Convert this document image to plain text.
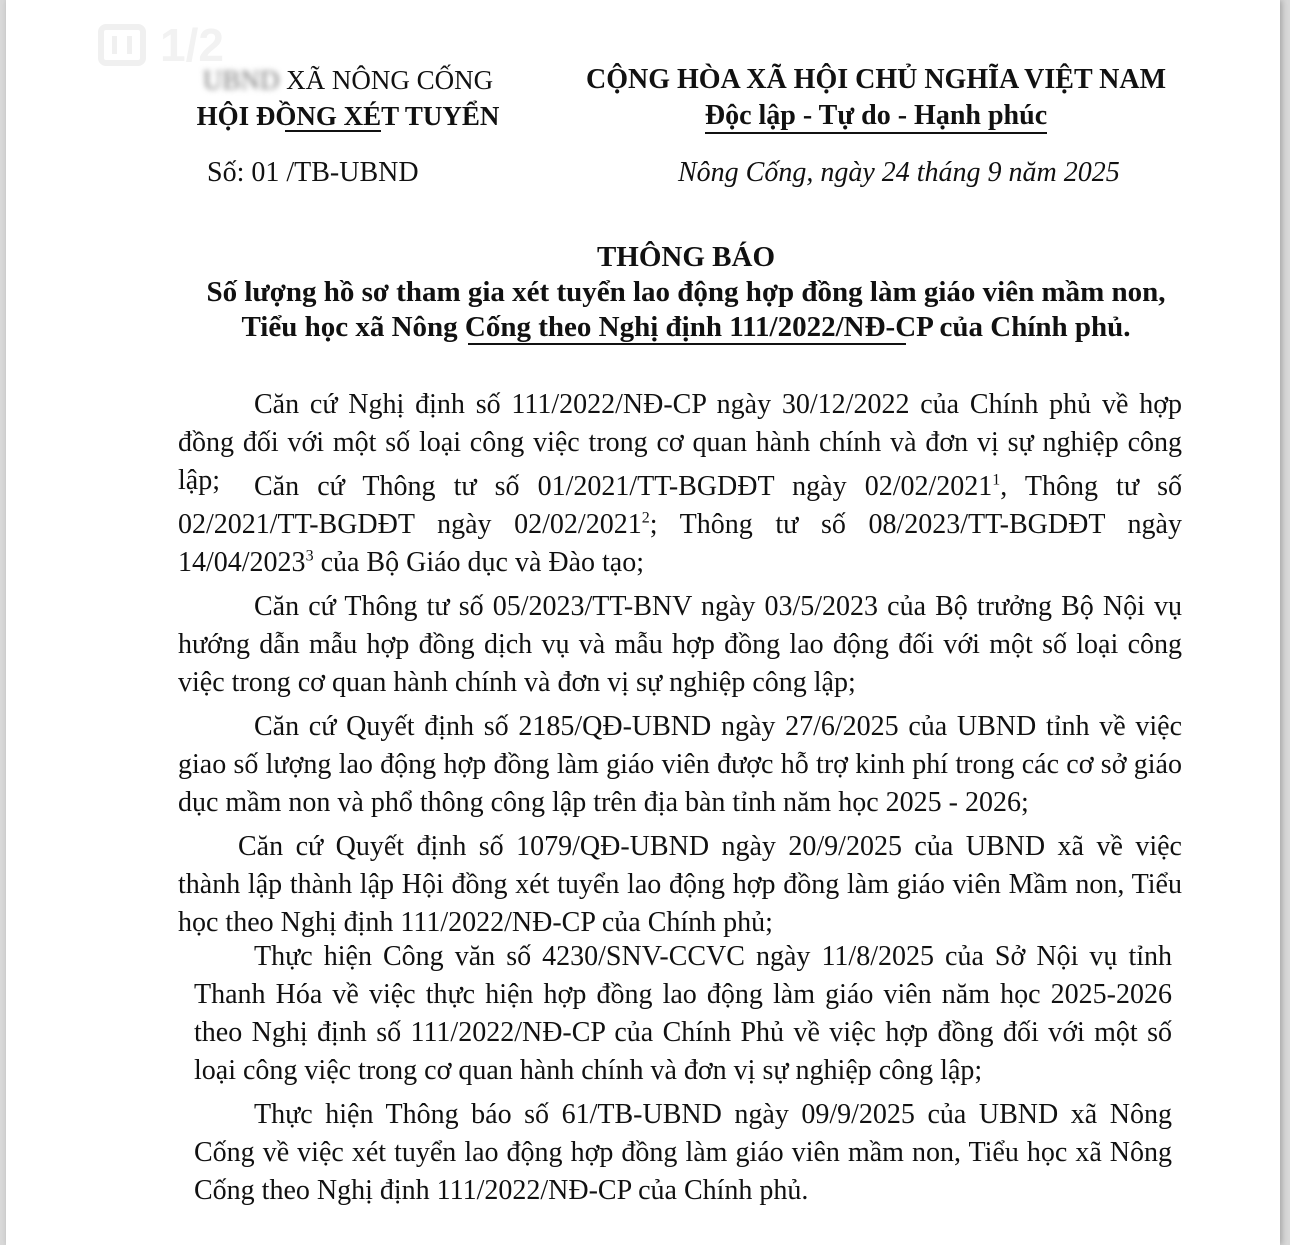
1/2
UBND XÃ NÔNG CỐNG
HỘI ĐỒNG XÉT TUYỂN
CỘNG HÒA XÃ HỘI CHỦ NGHĨA VIỆT NAM
Độc lập - Tự do - Hạnh phúc
Số: 01 /TB-UBND	Nông Cống, ngày 24 tháng 9 năm 2025
THÔNG BÁO
Số lượng hồ sơ tham gia xét tuyển lao động hợp đồng làm giáo viên mầm non,
Tiểu học xã Nông Cống theo Nghị định 111/2022/NĐ-CP của Chính phủ.

Căn cứ Nghị định số 111/2022/NĐ-CP ngày 30/12/2022 của Chính phủ về hợp đồng đối với một số loại công việc trong cơ quan hành chính và đơn vị sự nghiệp công lập;	Căn cứ Thông tư số 01/2021/TT-BGDĐT ngày 02/02/2021$^1$, Thông tư số 02/2021/TT-BGDĐT ngày 02/02/2021$^2$; Thông tư số 08/2023/TT-BGDĐT ngày 14/04/2023$^3$ của Bộ Giáo dục và Đào tạo;

Căn cứ Thông tư số 05/2023/TT-BNV ngày 03/5/2023 của Bộ trưởng Bộ Nội vụ hướng dẫn mẫu hợp đồng dịch vụ và mẫu hợp đồng lao động đối với một số loại công việc trong cơ quan hành chính và đơn vị sự nghiệp công lập;

Căn cứ Quyết định số 2185/QĐ-UBND ngày 27/6/2025 của UBND tỉnh về việc giao số lượng lao động hợp đồng làm giáo viên được hỗ trợ kinh phí trong các cơ sở giáo dục mầm non và phổ thông công lập trên địa bàn tỉnh năm học 2025 - 2026;

Căn cứ Quyết định số 1079/QĐ-UBND ngày 20/9/2025 của UBND xã về việc thành lập thành lập Hội đồng xét tuyển lao động hợp đồng làm giáo viên Mầm non, Tiểu học theo Nghị định 111/2022/NĐ-CP của Chính phủ;

Thực hiện Công văn số 4230/SNV-CCVC ngày 11/8/2025 của Sở Nội vụ tỉnh Thanh Hóa về việc thực hiện hợp đồng lao động làm giáo viên năm học 2025-2026 theo Nghị định số 111/2022/NĐ-CP của Chính Phủ về việc hợp đồng đối với một số loại công việc trong cơ quan hành chính và đơn vị sự nghiệp công lập;

Thực hiện Thông báo số 61/TB-UBND ngày 09/9/2025 của UBND xã Nông Cống về việc xét tuyển lao động hợp đồng làm giáo viên mầm non, Tiểu học xã Nông Cống theo Nghị định 111/2022/NĐ-CP của Chính phủ.
